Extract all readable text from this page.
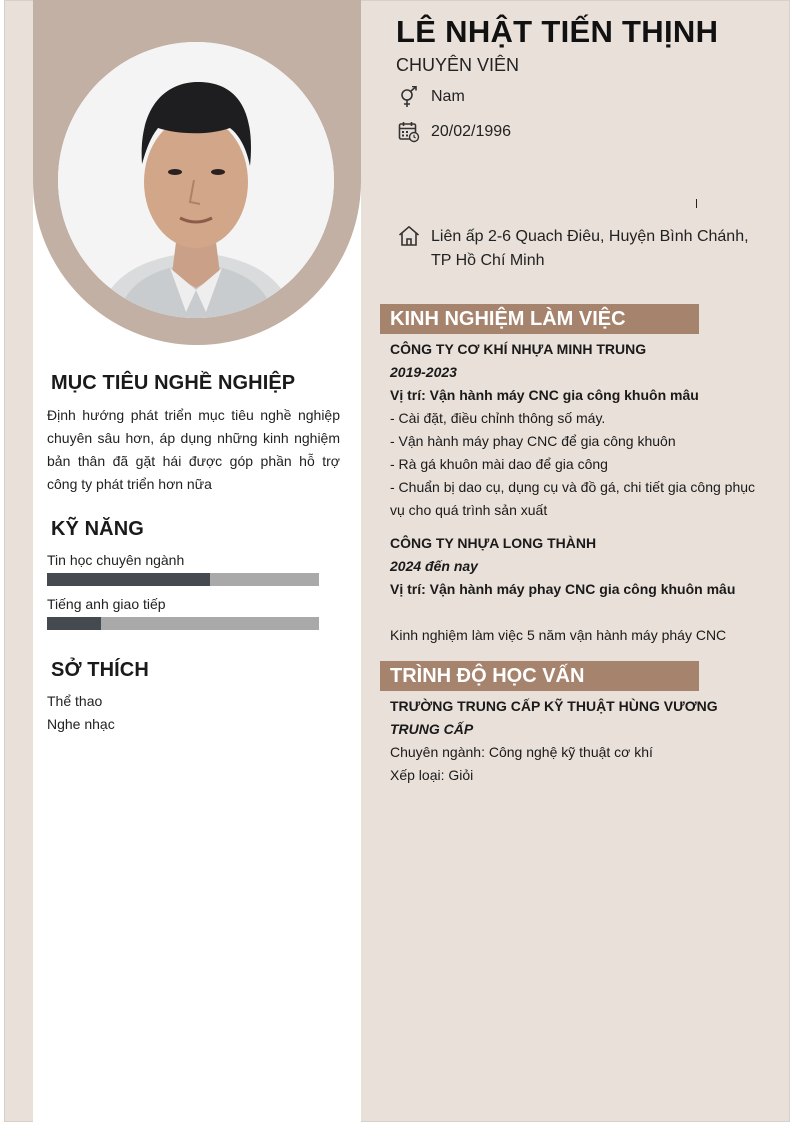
MỤC TIÊU NGHỀ NGHIỆP
Định hướng phát triển mục tiêu nghề nghiệp chuyên sâu hơn, áp dụng những kinh nghiệm bản thân đã gặt hái được góp phần hỗ trợ công ty phát triển hơn nữa
KỸ NĂNG
Tin học chuyên ngành
Tiếng anh giao tiếp
SỞ THÍCH
Thể thao
Nghe nhạc
LÊ NHẬT TIẾN THỊNH
CHUYÊN VIÊN
Nam
20/02/1996
Liên ấp 2-6 Quach Điêu, Huyện Bình Chánh, TP Hồ Chí Minh
KINH NGHIỆM LÀM VIỆC
CÔNG TY CƠ KHÍ NHỰA MINH TRUNG
2019-2023
Vị trí: Vận hành máy CNC gia công khuôn mâu
- Cài đặt, điều chỉnh thông số máy.
- Vận hành máy phay CNC để gia công khuôn
- Rà gá khuôn mài dao để gia công
- Chuẩn bị dao cụ, dụng cụ và đồ gá, chi tiết gia công phục vụ cho quá trình sản xuất
CÔNG TY NHỰA LONG THÀNH
2024 đến nay
Vị trí: Vận hành máy phay CNC gia công khuôn mâu
Kinh nghiệm làm việc 5 năm vận hành máy pháy CNC
TRÌNH ĐỘ HỌC VẤN
TRƯỜNG TRUNG CẤP KỸ THUẬT HÙNG VƯƠNG
TRUNG CẤP
Chuyên ngành: Công nghệ kỹ thuật cơ khí
Xếp loại: Giỏi
